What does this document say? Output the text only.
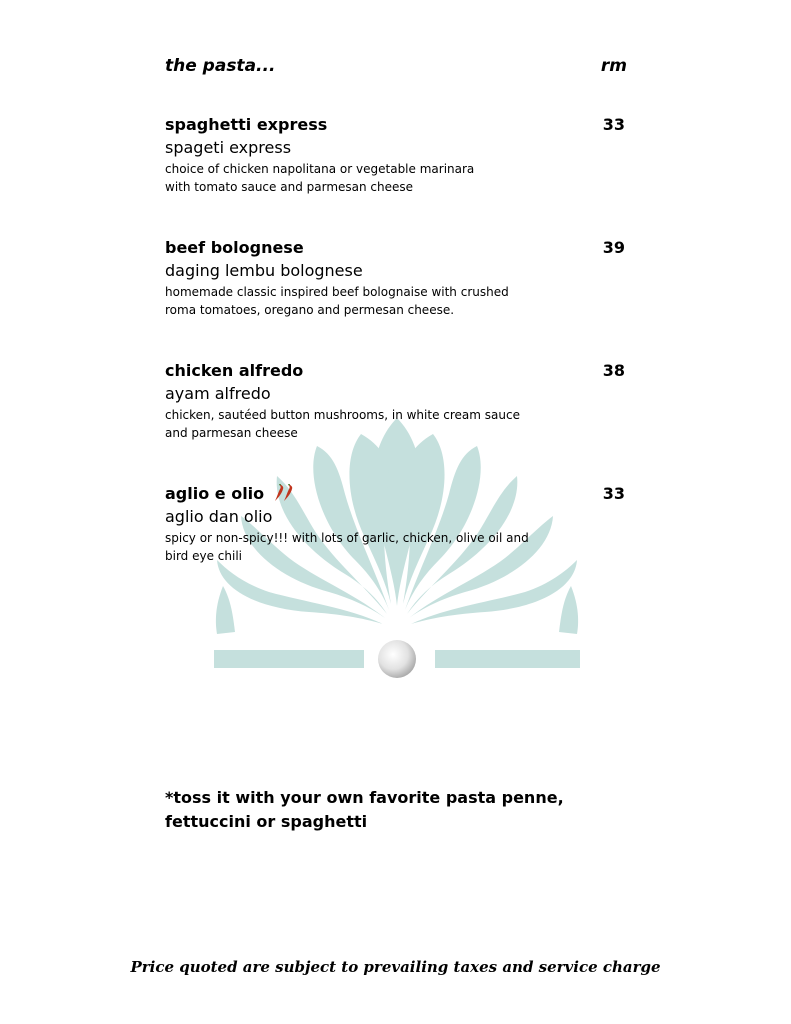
the pasta...	rm
spaghetti express	33
spageti express
choice of chicken napolitana or vegetable marinara
with tomato sauce and parmesan cheese
beef bolognese	39
daging lembu bolognese
homemade classic inspired beef bolognaise with crushed
roma tomatoes, oregano and permesan cheese.
chicken alfredo	38
ayam alfredo
chicken, sautéed button mushrooms, in white cream sauce
and parmesan cheese
aglio e olio	33
aglio dan olio
spicy or non-spicy!!! with lots of garlic, chicken, olive oil and
bird eye chili
*toss it with your own favorite pasta penne, fettuccini or spaghetti
Price quoted are subject to prevailing taxes and service charge
